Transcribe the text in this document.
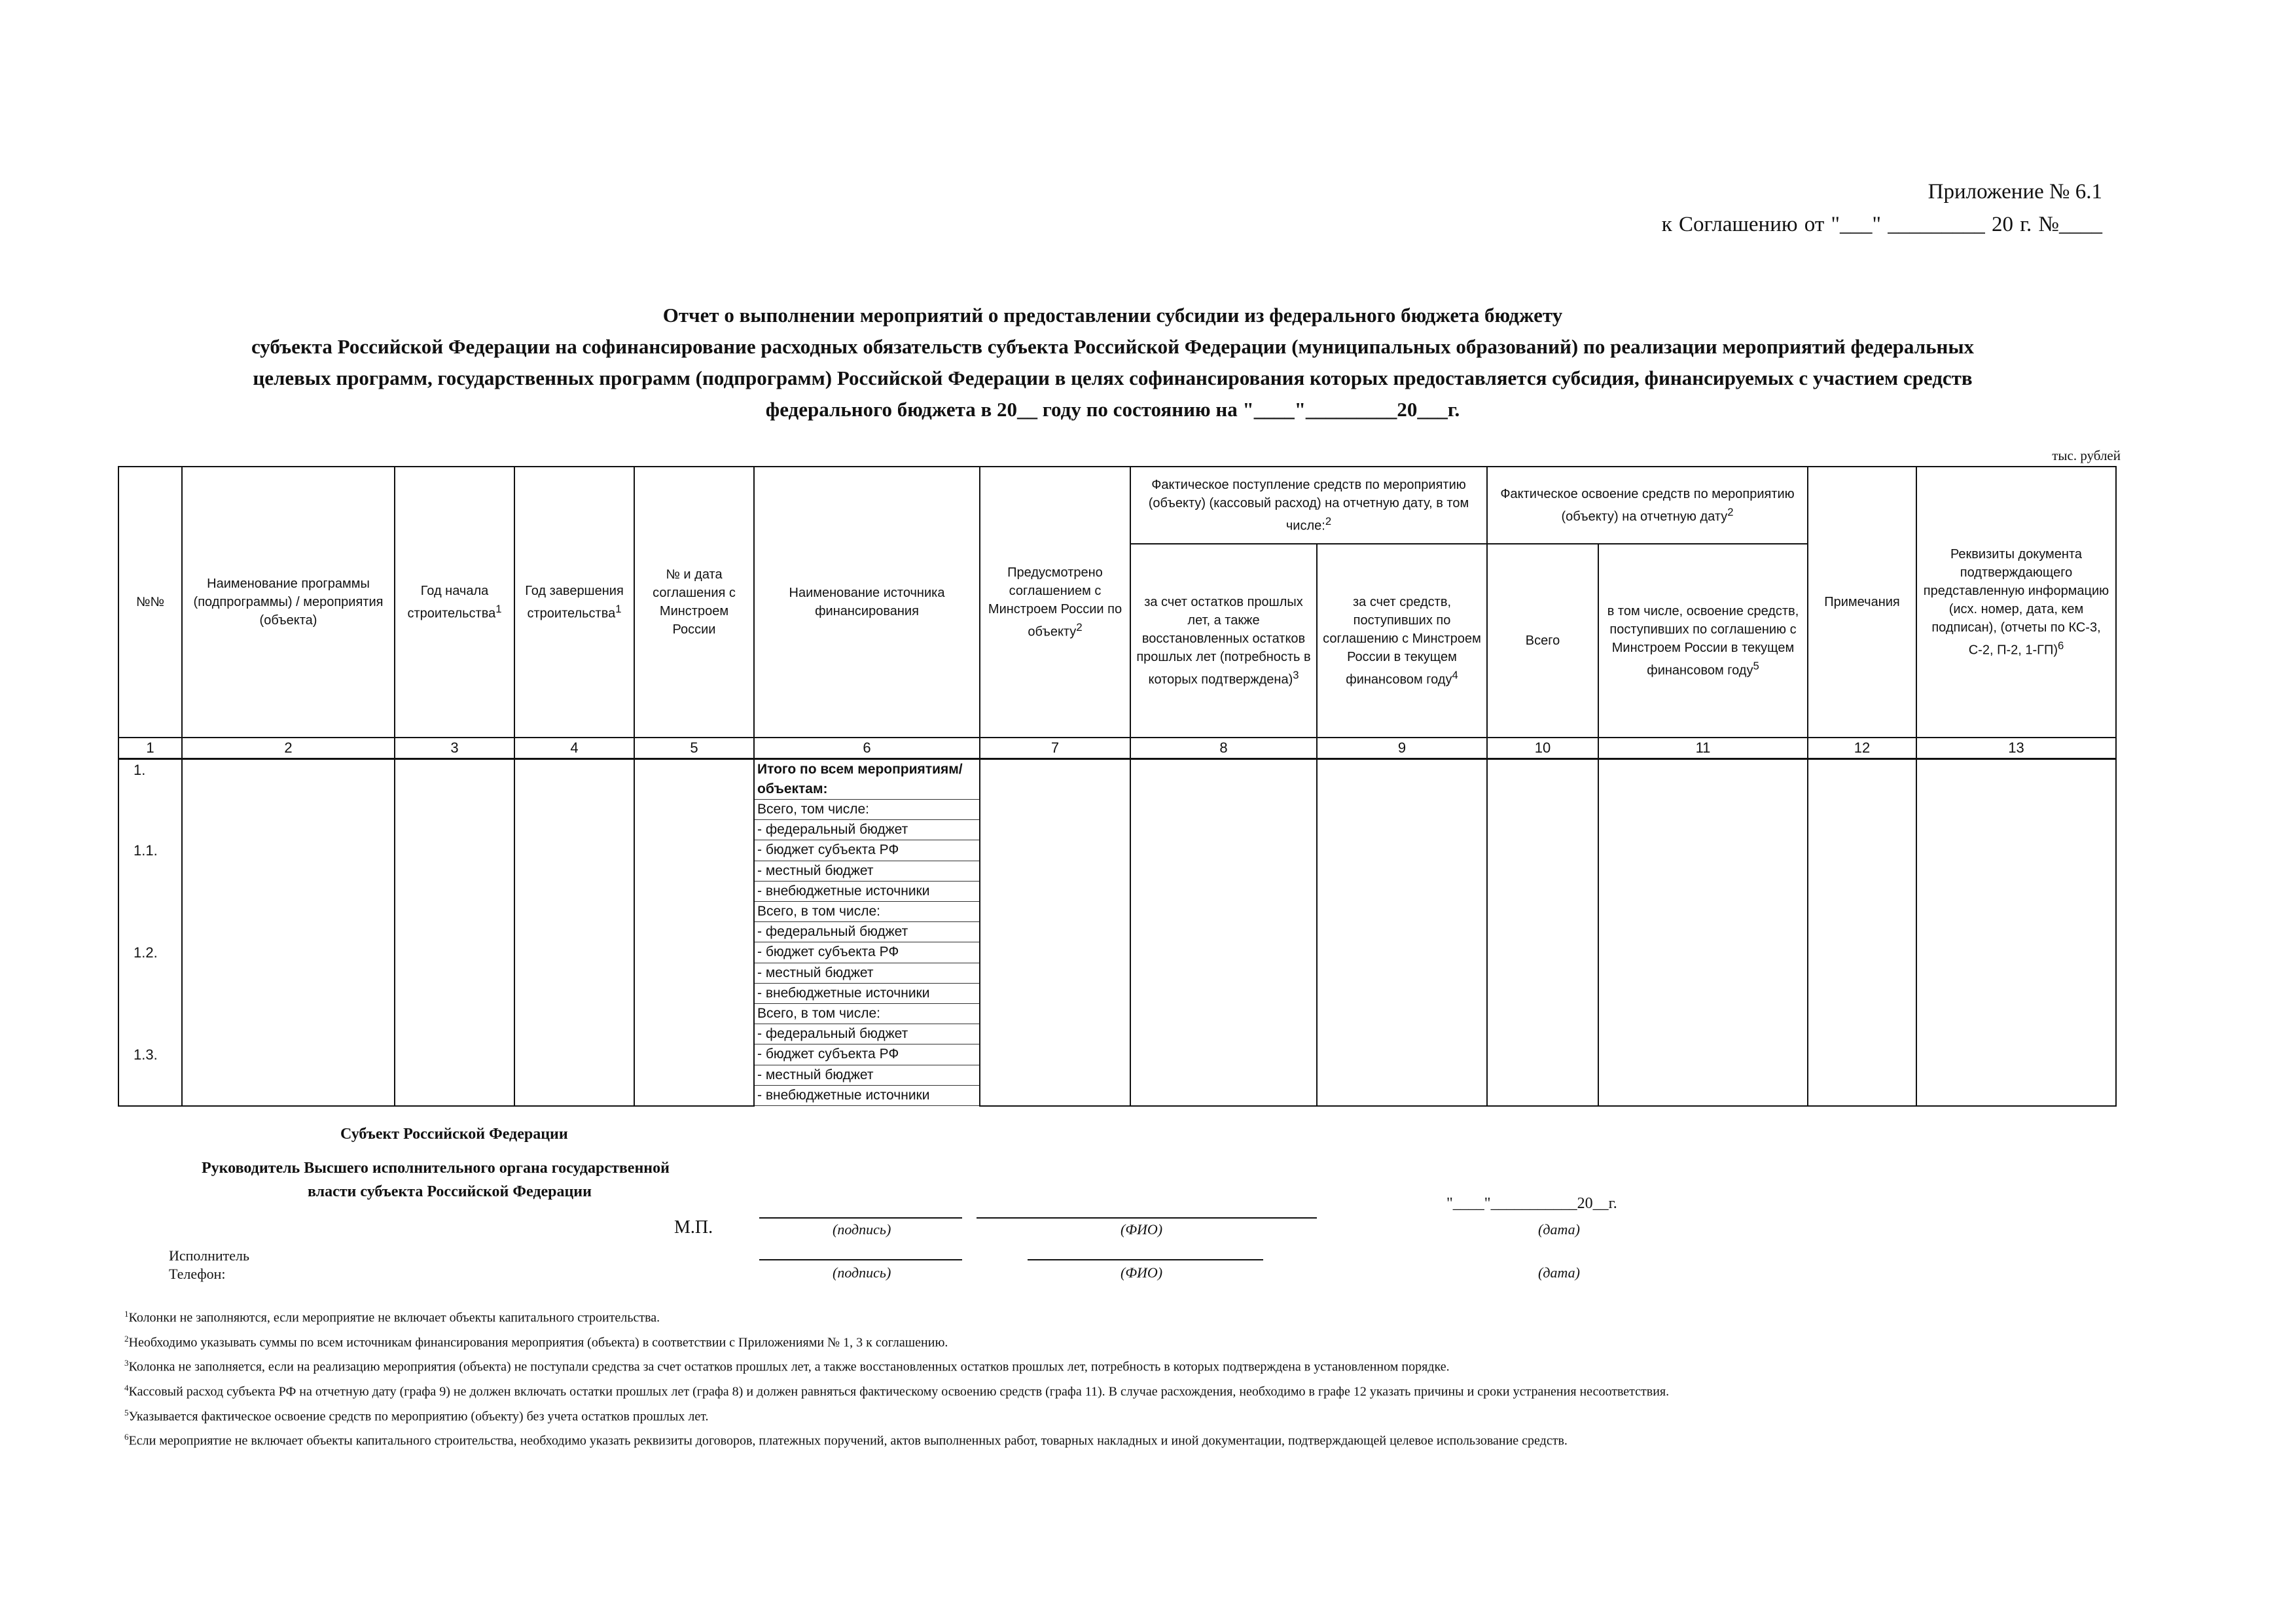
Приложение № 6.1
к Соглашению от "___" _________ 20 г. №____
Отчет о выполнении мероприятий о предоставлении субсидии из федерального бюджета бюджету
субъекта Российской Федерации на софинансирование расходных обязательств субъекта Российской Федерации (муниципальных образований) по реализации мероприятий федеральных
целевых программ, государственных программ (подпрограмм) Российской Федерации в целях софинансирования которых предоставляется субсидия, финансируемых с участием средств
федерального бюджета в 20__ году по состоянию на "____"_________20___г.
тыс. рублей
№№	Наименование программы (подпрограммы) / мероприятия (объекта)	Год начала строительства$^1$	Год завершения строительства$^1$	№ и дата соглашения с Минстроем России	Наименование источника финансирования	Предусмотрено соглашением с Минстроем России по объекту$^2$	Фактическое поступление средств по мероприятию (объекту) (кассовый расход) на отчетную дату, в том числе:$^2$		Фактическое освоение средств по мероприятию (объекту) на отчетную дату$^2$		Примечания	Реквизиты документа подтверждающего представленную информацию (исх. номер, дата, кем подписан), (отчеты по КС-3, С-2, П-2, 1-ГП)$^6$
							за счет остатков прошлых лет, а также восстановленных остатков прошлых лет (потребность в которых подтверждена)$^3$	за счет средств, поступивших по соглашению с Минстроем России в текущем финансовом году$^4$	Всего	в том числе, освоение средств, поступивших по соглашению с Минстроем России в текущем финансовом году$^5$
1	2	3	4	5	6	7	8	9	10	11	12	13
1.					Итого по всем мероприятиям/объектам:							
					Всего, том числе:							
					- федеральный бюджет							
1.1.					- бюджет субъекта РФ							
					- местный бюджет							
					- внебюджетные источники							
					Всего, в том числе:							
					- федеральный бюджет							
1.2.					- бюджет субъекта РФ							
					- местный бюджет							
					- внебюджетные источники							
					Всего, в том числе:							
					- федеральный бюджет							
1.3.					- бюджет субъекта РФ							
					- местный бюджет							
					- внебюджетные источники							
Субъект Российской Федерации
Руководитель Высшего исполнительного органа государственной
власти субъекта Российской Федерации
М.П.	(подпись)	(ФИО)
"____"___________20__г.
(дата)
Исполнитель
Телефон:	(подпись)	(ФИО)	(дата)
$^1$Колонки не заполняются, если мероприятие не включает объекты капитального строительства.
$^2$Необходимо указывать суммы по всем источникам финансирования мероприятия (объекта) в соответствии с Приложениями № 1, 3 к соглашению.
$^3$Колонка не заполняется, если на реализацию мероприятия (объекта) не поступали средства за счет остатков прошлых лет, а также восстановленных остатков прошлых лет, потребность в которых подтверждена в установленном порядке.
$^4$Кассовый расход субъекта РФ на отчетную дату (графа 9) не должен включать остатки прошлых лет (графа 8) и должен равняться фактическому освоению средств (графа 11). В случае расхождения, необходимо в графе 12 указать причины и сроки устранения несоответствия.
$^5$Указывается фактическое освоение средств по мероприятию (объекту) без учета остатков прошлых лет.
$^6$Если мероприятие не включает объекты капитального строительства, необходимо указать реквизиты договоров, платежных поручений, актов выполненных работ, товарных накладных и иной документации, подтверждающей целевое использование средств.
